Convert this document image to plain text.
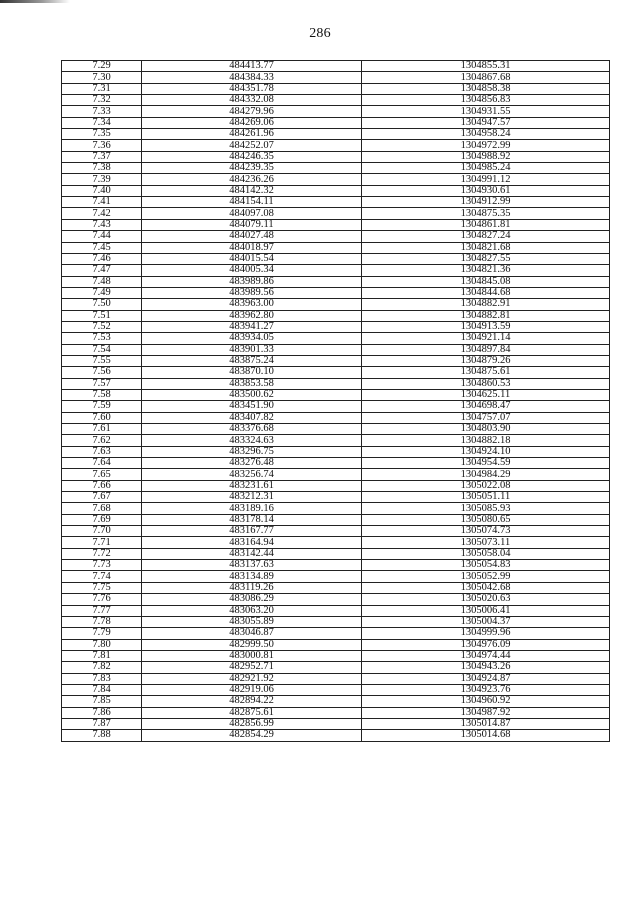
286
7.29	484413.77	1304855.31
7.30	484384.33	1304867.68
7.31	484351.78	1304858.38
7.32	484332.08	1304856.83
7.33	484279.96	1304931.55
7.34	484269.06	1304947.57
7.35	484261.96	1304958.24
7.36	484252.07	1304972.99
7.37	484246.35	1304988.92
7.38	484239.35	1304985.24
7.39	484236.26	1304991.12
7.40	484142.32	1304930.61
7.41	484154.11	1304912.99
7.42	484097.08	1304875.35
7.43	484079.11	1304861.81
7.44	484027.48	1304827.24
7.45	484018.97	1304821.68
7.46	484015.54	1304827.55
7.47	484005.34	1304821.36
7.48	483989.86	1304845.08
7.49	483989.56	1304844.68
7.50	483963.00	1304882.91
7.51	483962.80	1304882.81
7.52	483941.27	1304913.59
7.53	483934.05	1304921.14
7.54	483901.33	1304897.84
7.55	483875.24	1304879.26
7.56	483870.10	1304875.61
7.57	483853.58	1304860.53
7.58	483500.62	1304625.11
7.59	483451.90	1304698.47
7.60	483407.82	1304757.07
7.61	483376.68	1304803.90
7.62	483324.63	1304882.18
7.63	483296.75	1304924.10
7.64	483276.48	1304954.59
7.65	483256.74	1304984.29
7.66	483231.61	1305022.08
7.67	483212.31	1305051.11
7.68	483189.16	1305085.93
7.69	483178.14	1305080.65
7.70	483167.77	1305074.73
7.71	483164.94	1305073.11
7.72	483142.44	1305058.04
7.73	483137.63	1305054.83
7.74	483134.89	1305052.99
7.75	483119.26	1305042.68
7.76	483086.29	1305020.63
7.77	483063.20	1305006.41
7.78	483055.89	1305004.37
7.79	483046.87	1304999.96
7.80	482999.50	1304976.09
7.81	483000.81	1304974.44
7.82	482952.71	1304943.26
7.83	482921.92	1304924.87
7.84	482919.06	1304923.76
7.85	482894.22	1304960.92
7.86	482875.61	1304987.92
7.87	482856.99	1305014.87
7.88	482854.29	1305014.68
